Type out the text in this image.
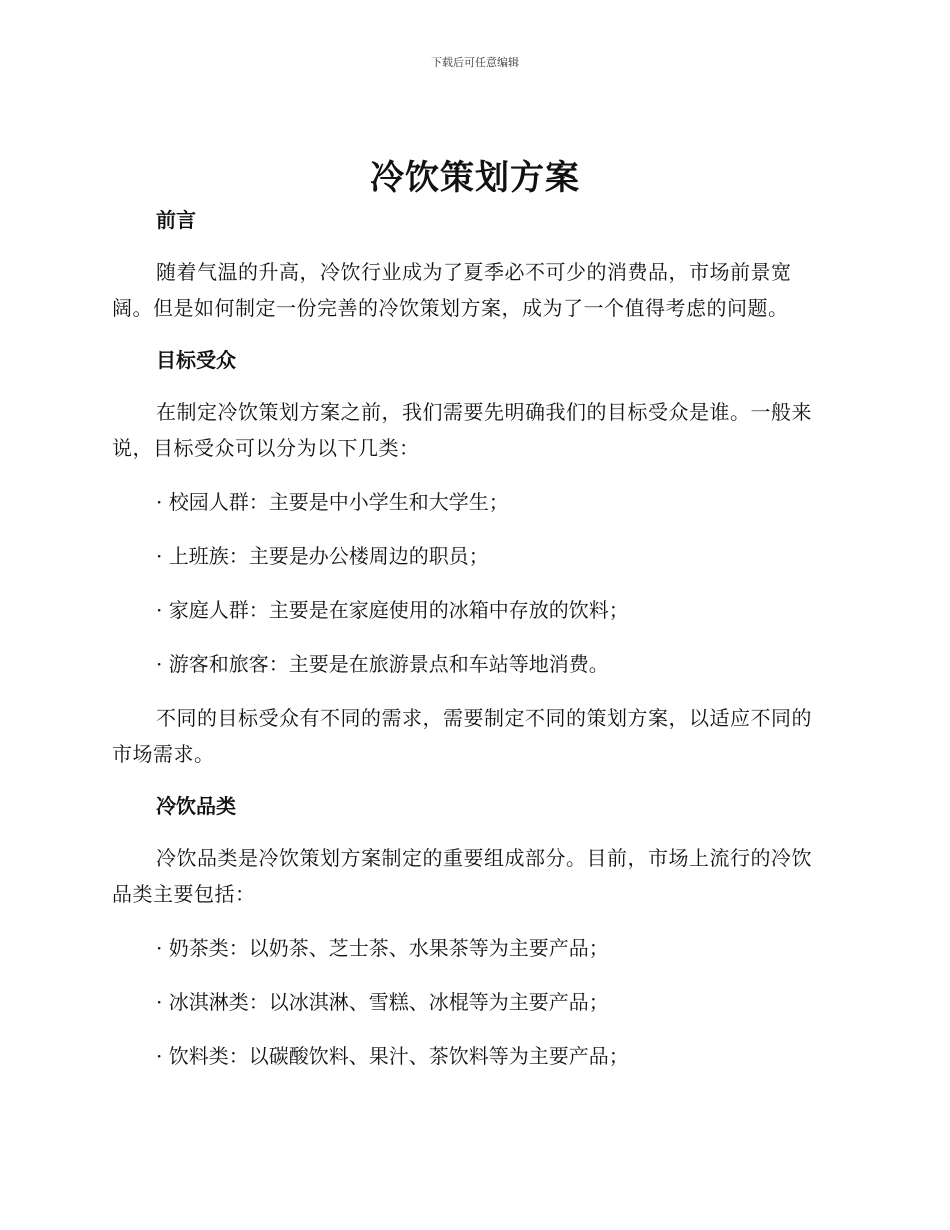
下载后可任意编辑
冷饮策划方案

前言

随着气温的升高，冷饮行业成为了夏季必不可少的消费品，市场前景宽阔。但是如何制定一份完善的冷饮策划方案，成为了一个值得考虑的问题。

目标受众

在制定冷饮策划方案之前，我们需要先明确我们的目标受众是谁。一般来说，目标受众可以分为以下几类：

· 校园人群：主要是中小学生和大学生；

· 上班族：主要是办公楼周边的职员；

· 家庭人群：主要是在家庭使用的冰箱中存放的饮料；

· 游客和旅客：主要是在旅游景点和车站等地消费。

不同的目标受众有不同的需求，需要制定不同的策划方案，以适应不同的市场需求。

冷饮品类

冷饮品类是冷饮策划方案制定的重要组成部分。目前，市场上流行的冷饮品类主要包括：

· 奶茶类：以奶茶、芝士茶、水果茶等为主要产品；

· 冰淇淋类：以冰淇淋、雪糕、冰棍等为主要产品；

· 饮料类：以碳酸饮料、果汁、茶饮料等为主要产品；
